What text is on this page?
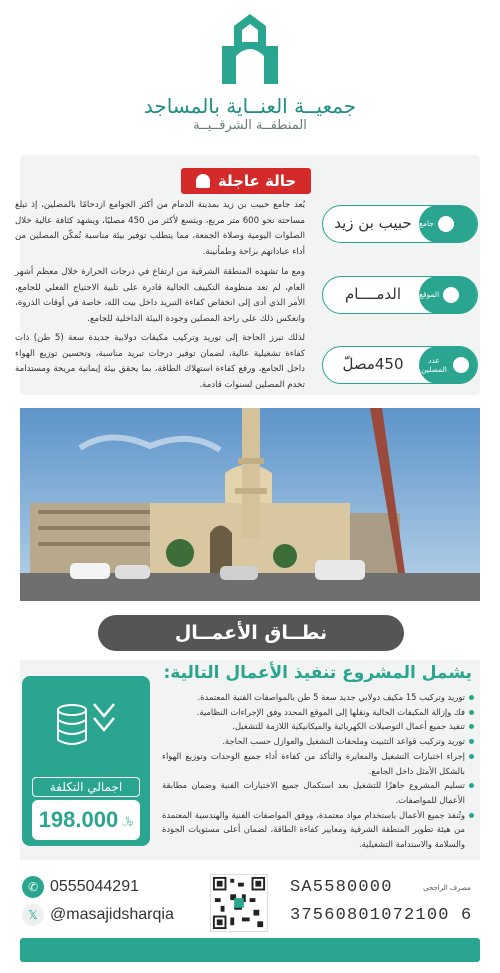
جمعيــة العنــاية بالمساجد
المنطقــة الشرقــيــة
حالة عاجلة

يُعد جامع حبيب بن زيد بمدينة الدمام من أكثر الجوامع ازدحامًا بالمصلين، إذ تبلغ مساحته نحو 600 متر مربع، ويتسع لأكثر من 450 مصليًا، ويشهد كثافة عالية خلال الصلوات اليومية وصلاة الجمعة، مما يتطلب توفير بيئة مناسبة تُمكّن المصلين من أداء عباداتهم براحة وطمأنينة.

ومع ما تشهده المنطقة الشرقية من ارتفاع في درجات الحرارة خلال معظم أشهر العام، لم تعد منظومة التكييف الحالية قادرة على تلبية الاحتياج الفعلي للجامع، الأمر الذي أدى إلى انخفاض كفاءة التبريد داخل بيت الله، خاصة في أوقات الذروة، وانعكس ذلك على راحة المصلين وجودة البيئة الداخلية للجامع.

لذلك تبرز الحاجة إلى توريد وتركيب مكيفات دولابية جديدة سعة (5 طن) ذات كفاءة تشغيلية عالية، لضمان توفير درجات تبريد مناسبة، وتحسين توزيع الهواء داخل الجامع، ورفع كفاءة استهلاك الطاقة، بما يحقق بيئة إيمانية مريحة ومستدامة تخدم المصلين لسنوات قادمة.

جامع
حبيب بن زيد
الموقع
الدمــــام
عدد المصلين
450مصلّ
نطــاق الأعمــال
يشمل المشروع تنفيذ الأعمال التالية:
توريد وتركيب 15 مكيف دولابي جديد سعة 5 طن بالمواصفات الفنية المعتمدة.
فك وإزالة المكيفات الحالية ونقلها إلى الموقع المحدد وفق الإجراءات النظامية.
تنفيذ جميع أعمال التوصيلات الكهربائية والميكانيكية اللازمة للتشغيل.
توريد وتركيب قواعد التثبيت وملحقات التشغيل والعوازل حسب الحاجة.
إجراء اختبارات التشغيل والمعايرة والتأكد من كفاءة أداء جميع الوحدات وتوزيع الهواء بالشكل الأمثل داخل الجامع.
تسليم المشروع جاهزًا للتشغيل بعد استكمال جميع الاختبارات الفنية وضمان مطابقة الأعمال للمواصفات.
وتُنفذ جميع الأعمال باستخدام مواد معتمدة، ووفق المواصفات الفنية والهندسية المعتمدة من هيئة تطوير المنطقة الشرقية ومعايير كفاءة الطاقة، لضمان أعلى مستويات الجودة والسلامة والاستدامة التشغيلية.
اجمالي التكلفة
198.000 ﷼
✆ 0555044291
𝕏 @masajidsharqia
SA5580000	مصرف الراجحي
37560801072100 6
